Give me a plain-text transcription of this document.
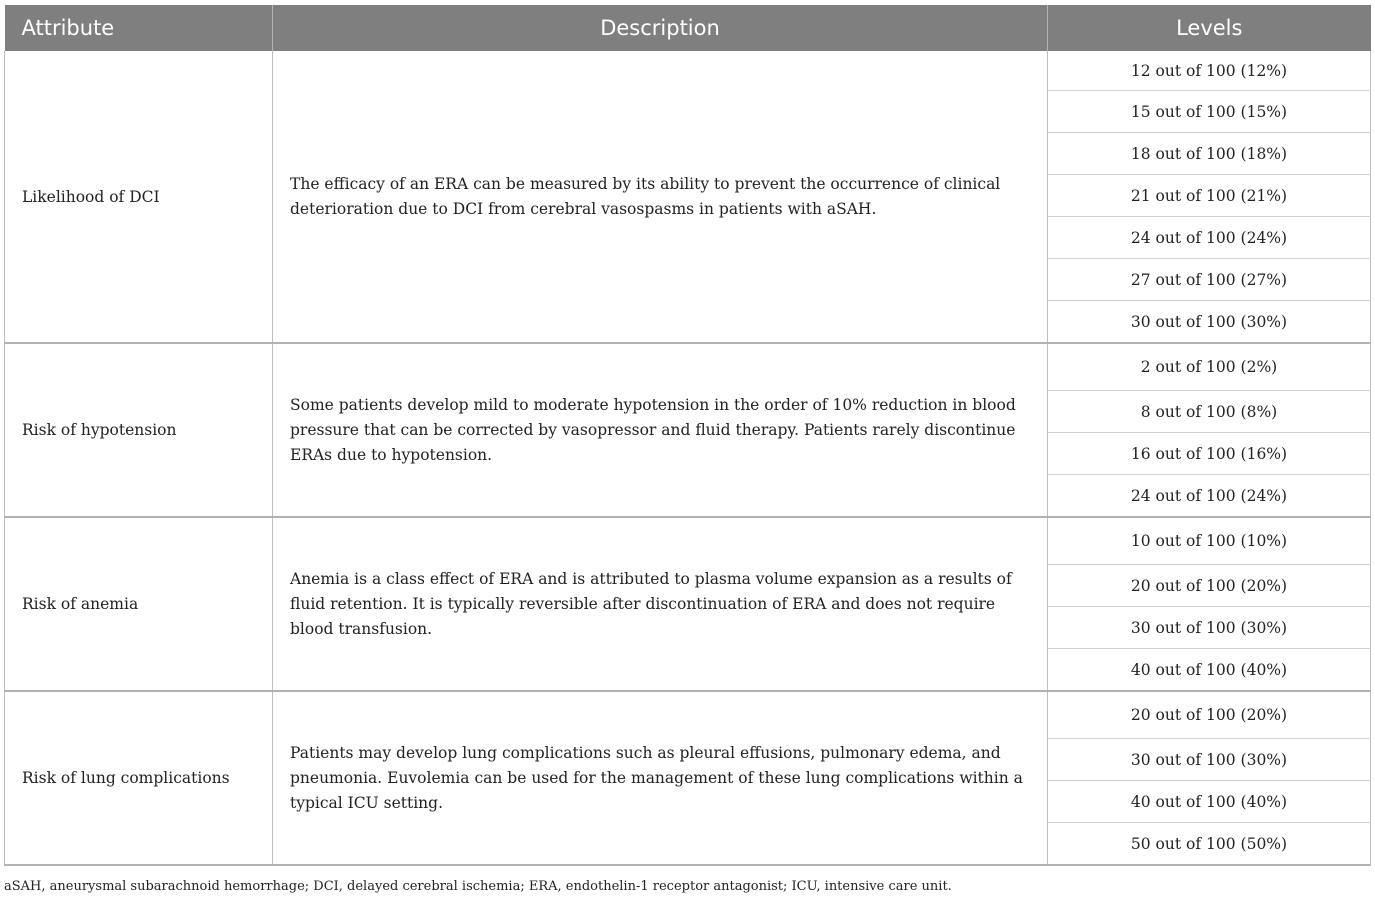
Attribute	Description	Levels
Likelihood of DCI	The efficacy of an ERA can be measured by its ability to prevent the occurrence of clinical deterioration due to DCI from cerebral vasospasms in patients with aSAH.	12 out of 100 (12%)
		15 out of 100 (15%)
		18 out of 100 (18%)
		21 out of 100 (21%)
		24 out of 100 (24%)
		27 out of 100 (27%)
		30 out of 100 (30%)
Risk of hypotension	Some patients develop mild to moderate hypotension in the order of 10% reduction in blood pressure that can be corrected by vasopressor and fluid therapy. Patients rarely discontinue ERAs due to hypotension.	2 out of 100 (2%)
		8 out of 100 (8%)
		16 out of 100 (16%)
		24 out of 100 (24%)
Risk of anemia	Anemia is a class effect of ERA and is attributed to plasma volume expansion as a results of fluid retention. It is typically reversible after discontinuation of ERA and does not require blood transfusion.	10 out of 100 (10%)
		20 out of 100 (20%)
		30 out of 100 (30%)
		40 out of 100 (40%)
Risk of lung complications	Patients may develop lung complications such as pleural effusions, pulmonary edema, and pneumonia. Euvolemia can be used for the management of these lung complications within a typical ICU setting.	20 out of 100 (20%)
		30 out of 100 (30%)
		40 out of 100 (40%)
		50 out of 100 (50%)
aSAH, aneurysmal subarachnoid hemorrhage; DCI, delayed cerebral ischemia; ERA, endothelin-1 receptor antagonist; ICU, intensive care unit.
